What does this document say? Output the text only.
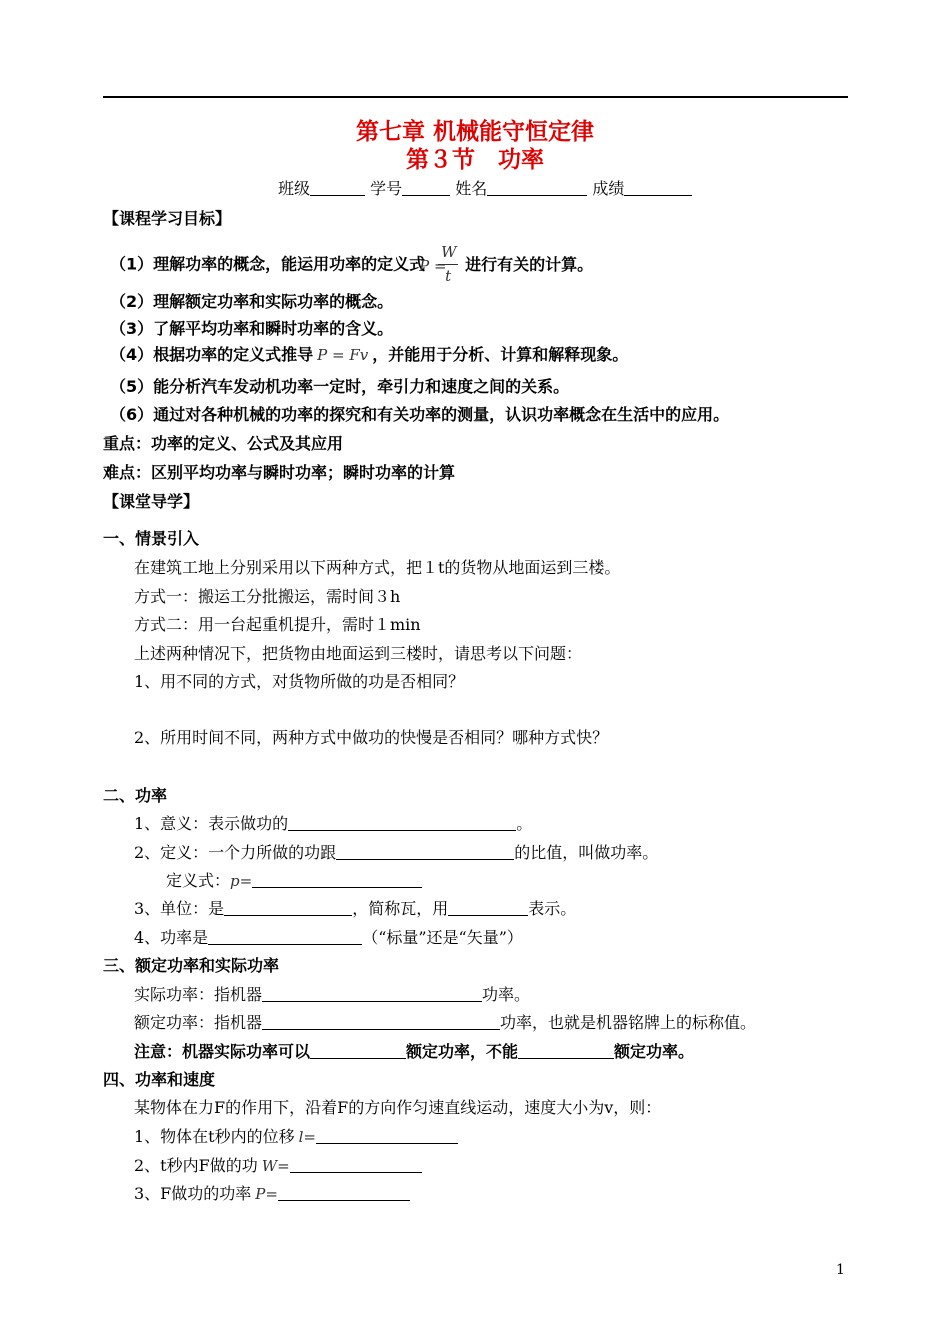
第七章 机械能守恒定律
第３节　功率
班级	学号	姓名	成绩
【课程学习目标】
（1）理解功率的概念，能运用功率的定义式
P =
W
t
进行有关的计算。
（2）理解额定功率和实际功率的概念。
（3）了解平均功率和瞬时功率的含义。
（4）根据功率的定义式推导 P = Fv ，并能用于分析、计算和解释现象。
（5）能分析汽车发动机功率一定时，牵引力和速度之间的关系。
（6）通过对各种机械的功率的探究和有关功率的测量，认识功率概念在生活中的应用。
重点：功率的定义、公式及其应用
难点：区别平均功率与瞬时功率；瞬时功率的计算
【课堂导学】
一、情景引入
在建筑工地上分别采用以下两种方式，把１t的货物从地面运到三楼。
方式一：搬运工分批搬运，需时间３h
方式二：用一台起重机提升，需时１min
上述两种情况下，把货物由地面运到三楼时，请思考以下问题：
1、用不同的方式，对货物所做的功是否相同？
2、所用时间不同，两种方式中做功的快慢是否相同？哪种方式快？
二、功率
1、意义：表示做功的	。
2、定义：一个力所做的功跟	的比值，叫做功率。
定义式：p=
3、单位：是	，简称瓦，用	表示。
4、功率是	（“标量”还是“矢量”）
三、额定功率和实际功率
实际功率：指机器	功率。
额定功率：指机器	功率，也就是机器铭牌上的标称值。
注意：机器实际功率可以	额定功率，不能	额定功率。
四、功率和速度
某物体在力F的作用下，沿着F的方向作匀速直线运动，速度大小为v，则：
1、物体在t秒内的位移 l=
2、t秒内F做的功 W=
3、F做功的功率 P=
1
